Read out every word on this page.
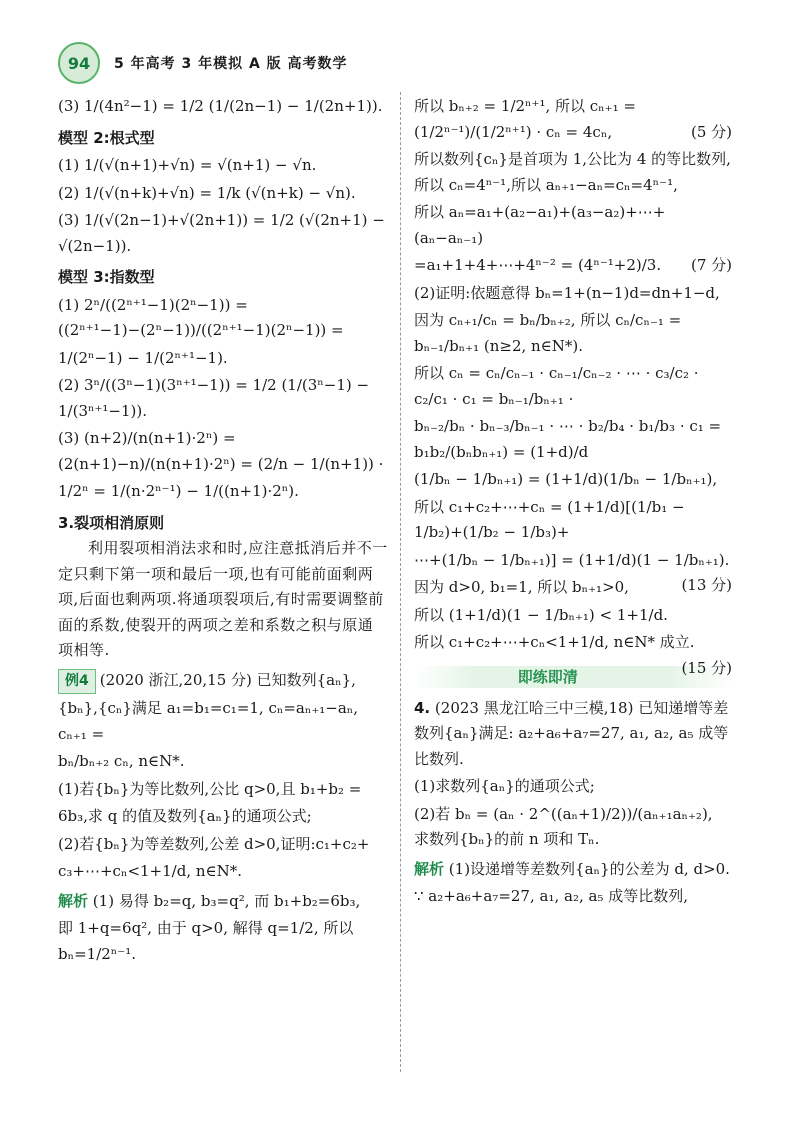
94	5 年高考 3 年模拟 A 版 高考数学
(3) 1/(4n²−1) = 1/2 (1/(2n−1) − 1/(2n+1)).
模型 2:根式型
(1) 1/(√(n+1)+√n) = √(n+1) − √n.
(2) 1/(√(n+k)+√n) = 1/k (√(n+k) − √n).
(3) 1/(√(2n−1)+√(2n+1)) = 1/2 (√(2n+1) − √(2n−1)).
模型 3:指数型
(1) 2ⁿ/((2ⁿ⁺¹−1)(2ⁿ−1)) = ((2ⁿ⁺¹−1)−(2ⁿ−1))/((2ⁿ⁺¹−1)(2ⁿ−1)) =
1/(2ⁿ−1) − 1/(2ⁿ⁺¹−1).
(2) 3ⁿ/((3ⁿ−1)(3ⁿ⁺¹−1)) = 1/2 (1/(3ⁿ−1) − 1/(3ⁿ⁺¹−1)).
(3) (n+2)/(n(n+1)·2ⁿ) = (2(n+1)−n)/(n(n+1)·2ⁿ) = (2/n − 1/(n+1)) ·
1/2ⁿ = 1/(n·2ⁿ⁻¹) − 1/((n+1)·2ⁿ).
3.裂项相消原则
利用裂项相消法求和时,应注意抵消后并不一定只剩下第一项和最后一项,也有可能前面剩两项,后面也剩两项.将通项裂项后,有时需要调整前面的系数,使裂开的两项之差和系数之积与原通项相等.
例4 (2020 浙江,20,15 分) 已知数列{aₙ},
{bₙ},{cₙ}满足 a₁=b₁=c₁=1, cₙ=aₙ₊₁−aₙ, cₙ₊₁ =
bₙ/bₙ₊₂ cₙ, n∈N*.
(1)若{bₙ}为等比数列,公比 q>0,且 b₁+b₂ =
6b₃,求 q 的值及数列{aₙ}的通项公式;
(2)若{bₙ}为等差数列,公差 d>0,证明:c₁+c₂+
c₃+⋯+cₙ<1+1/d, n∈N*.
解析 (1) 易得 b₂=q, b₃=q², 而 b₁+b₂=6b₃,
即 1+q=6q², 由于 q>0, 解得 q=1/2, 所以 bₙ=1/2ⁿ⁻¹.
所以 bₙ₊₂ = 1/2ⁿ⁺¹, 所以 cₙ₊₁ = (1/2ⁿ⁻¹)/(1/2ⁿ⁺¹) · cₙ = 4cₙ,	(5 分)
所以数列{cₙ}是首项为 1,公比为 4 的等比数列,所以 cₙ=4ⁿ⁻¹,所以 aₙ₊₁−aₙ=cₙ=4ⁿ⁻¹,
所以 aₙ=a₁+(a₂−a₁)+(a₃−a₂)+⋯+(aₙ−aₙ₋₁)
=a₁+1+4+⋯+4ⁿ⁻² = (4ⁿ⁻¹+2)/3. (7 分)
(2)证明:依题意得 bₙ=1+(n−1)d=dn+1−d,
因为 cₙ₊₁/cₙ = bₙ/bₙ₊₂, 所以 cₙ/cₙ₋₁ = bₙ₋₁/bₙ₊₁ (n≥2, n∈N*).
所以 cₙ = cₙ/cₙ₋₁ · cₙ₋₁/cₙ₋₂ · ⋯ · c₃/c₂ · c₂/c₁ · c₁ = bₙ₋₁/bₙ₊₁ ·
bₙ₋₂/bₙ · bₙ₋₃/bₙ₋₁ · ⋯ · b₂/b₄ · b₁/b₃ · c₁ = b₁b₂/(bₙbₙ₊₁) = (1+d)/d
(1/bₙ − 1/bₙ₊₁) = (1+1/d)(1/bₙ − 1/bₙ₊₁),
所以 c₁+c₂+⋯+cₙ = (1+1/d)[(1/b₁ − 1/b₂)+(1/b₂ − 1/b₃)+
⋯+(1/bₙ − 1/bₙ₊₁)] = (1+1/d)(1 − 1/bₙ₊₁).
(13 分)
因为 d>0, b₁=1, 所以 bₙ₊₁>0,
所以 (1+1/d)(1 − 1/bₙ₊₁) < 1+1/d.
所以 c₁+c₂+⋯+cₙ<1+1/d, n∈N* 成立.
(15 分)
即练即清
4. (2023 黑龙江哈三中三模,18) 已知递增等差数列{aₙ}满足: a₂+a₆+a₇=27, a₁, a₂, a₅ 成等比数列.
(1)求数列{aₙ}的通项公式;
(2)若 bₙ = (aₙ · 2^((aₙ+1)/2))/(aₙ₊₁aₙ₊₂), 求数列{bₙ}的前 n 项和 Tₙ.
解析 (1)设递增等差数列{aₙ}的公差为 d, d>0.
∵ a₂+a₆+a₇=27, a₁, a₂, a₅ 成等比数列,
